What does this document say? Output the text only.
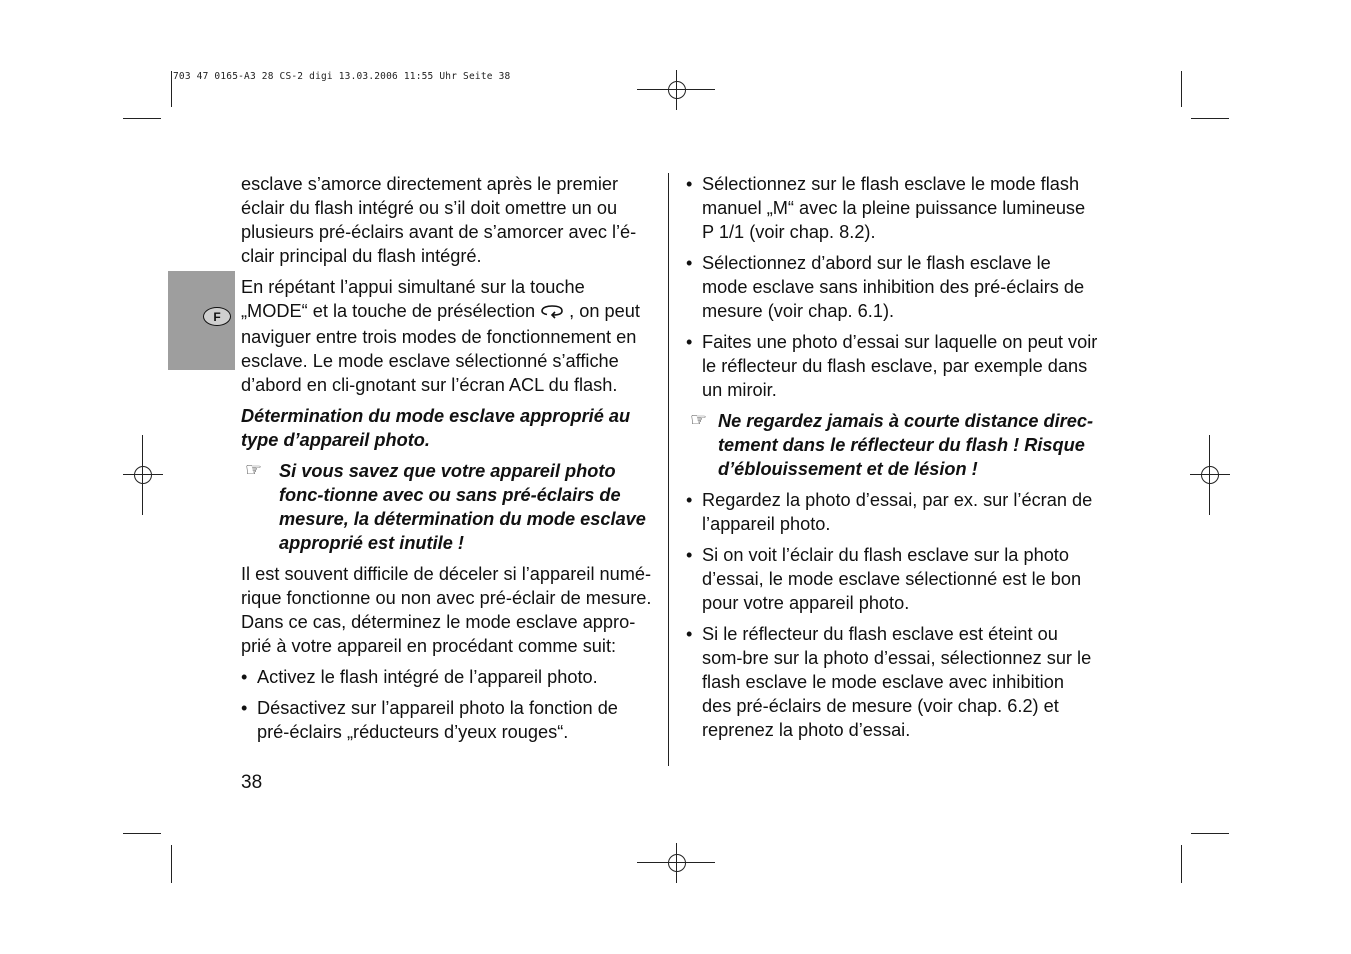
703 47 0165-A3 28 CS-2 digi 13.03.2006 11:55 Uhr Seite 38
F

esclave s’amorce directement après le premier éclair du flash intégré ou s’il doit omettre un ou plusieurs pré-éclairs avant de s’amorcer avec l’é-clair principal du flash intégré.

En répétant l’appui simultané sur la touche „MODE“ et la touche de présélection , on peut naviguer entre trois modes de fonctionnement en esclave. Le mode esclave sélectionné s’affiche d’abord en cli-gnotant sur l’écran ACL du flash.

Détermination du mode esclave approprié au type d’appareil photo.

☞ Si vous savez que votre appareil photo fonc-tionne avec ou sans pré-éclairs de mesure, la détermination du mode esclave approprié est inutile !

Il est souvent difficile de déceler si l’appareil numé-rique fonctionne ou non avec pré-éclair de mesure. Dans ce cas, déterminez le mode esclave appro-prié à votre appareil en procédant comme suit:

• Activez le flash intégré de l’appareil photo.
• Désactivez sur l’appareil photo la fonction de pré-éclairs „réducteurs d’yeux rouges“.
• Sélectionnez sur le flash esclave le mode flash manuel „M“ avec la pleine puissance lumineuse P 1/1 (voir chap. 8.2).
• Sélectionnez d’abord sur le flash esclave le mode esclave sans inhibition des pré-éclairs de mesure (voir chap. 6.1).
• Faites une photo d’essai sur laquelle on peut voir le réflecteur du flash esclave, par exemple dans un miroir.
☞ Ne regardez jamais à courte distance direc-tement dans le réflecteur du flash ! Risque d’éblouissement et de lésion !
• Regardez la photo d’essai, par ex. sur l’écran de l’appareil photo.
• Si on voit l’éclair du flash esclave sur la photo d’essai, le mode esclave sélectionné est le bon pour votre appareil photo.
• Si le réflecteur du flash esclave est éteint ou som-bre sur la photo d’essai, sélectionnez sur le flash esclave le mode esclave avec inhibition des pré-éclairs de mesure (voir chap. 6.2) et reprenez la photo d’essai.
38
